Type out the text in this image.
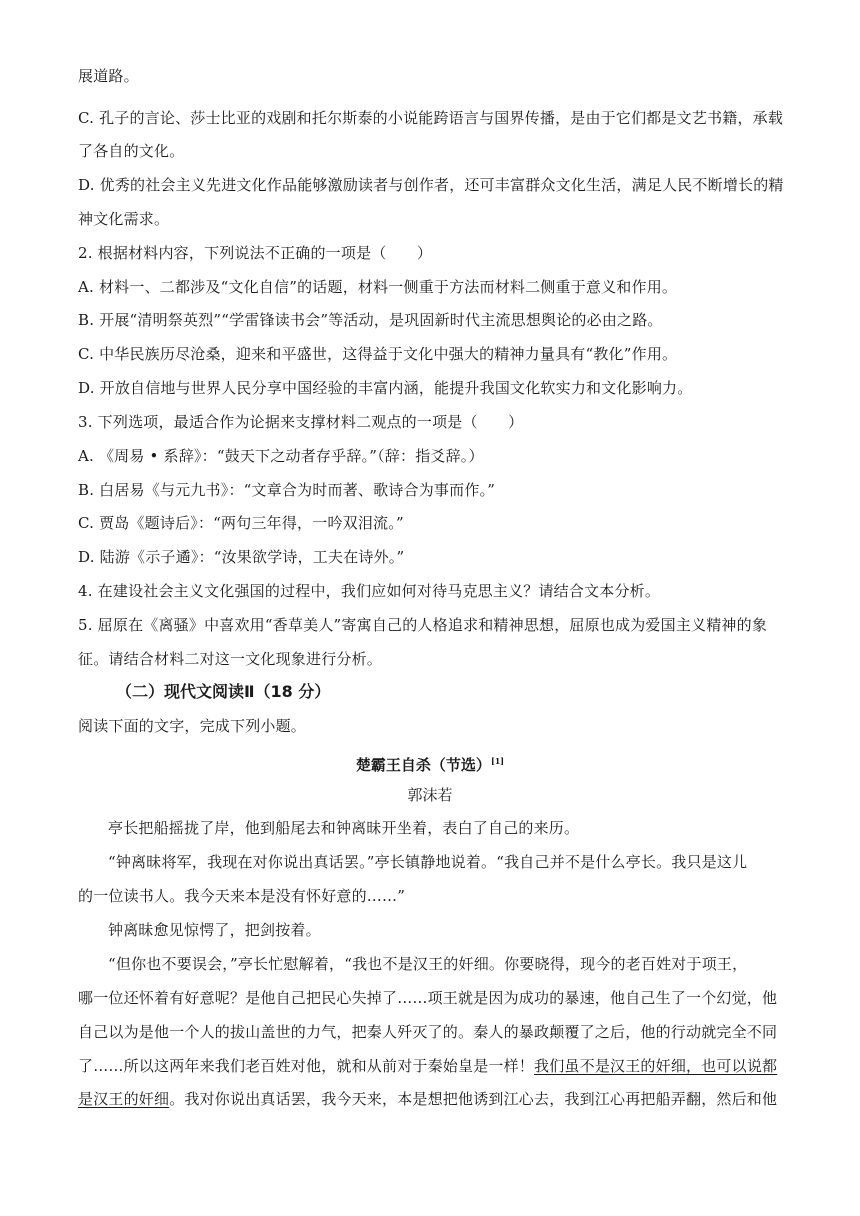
展道路。
C. 孔子的言论、莎士比亚的戏剧和托尔斯泰的小说能跨语言与国界传播，是由于它们都是文艺书籍，承载
了各自的文化。
D. 优秀的社会主义先进文化作品能够激励读者与创作者，还可丰富群众文化生活，满足人民不断增长的精
神文化需求。
2. 根据材料内容，下列说法不正确的一项是（　　）
A. 材料一、二都涉及“文化自信”的话题，材料一侧重于方法而材料二侧重于意义和作用。
B. 开展“清明祭英烈”“学雷锋读书会”等活动，是巩固新时代主流思想舆论的必由之路。
C. 中华民族历尽沧桑，迎来和平盛世，这得益于文化中强大的精神力量具有“教化”作用。
D. 开放自信地与世界人民分享中国经验的丰富内涵，能提升我国文化软实力和文化影响力。
3. 下列选项，最适合作为论据来支撑材料二观点的一项是（　　）
A. 《周易 • 系辞》：“鼓天下之动者存乎辞。”（辞：指爻辞。）
B. 白居易《与元九书》：“文章合为时而著、歌诗合为事而作。”
C. 贾岛《题诗后》：“两句三年得，一吟双泪流。”
D. 陆游《示子遹》：“汝果欲学诗，工夫在诗外。”
4. 在建设社会主义文化强国的过程中，我们应如何对待马克思主义？请结合文本分析。
5. 屈原在《离骚》中喜欢用“香草美人”寄寓自己的人格追求和精神思想，屈原也成为爱国主义精神的象
征。请结合材料二对这一文化现象进行分析。
（二）现代文阅读Ⅱ（18 分）
阅读下面的文字，完成下列小题。
楚霸王自杀（节选）[1]
郭沫若
亭长把船摇拢了岸，他到船尾去和钟离昧开坐着，表白了自己的来历。
“钟离昧将军，我现在对你说出真话罢。”亭长镇静地说着。“我自己并不是什么亭长。我只是这儿
的一位读书人。我今天来本是没有怀好意的……”
钟离昧愈见惊愕了，把剑按着。
“但你也不要误会，”亭长忙慰解着，“我也不是汉王的奸细。你要晓得，现今的老百姓对于项王，
哪一位还怀着有好意呢？是他自己把民心失掉了……项王就是因为成功的暴速，他自己生了一个幻觉，他
自己以为是他一个人的拔山盖世的力气，把秦人歼灭了的。秦人的暴政颠覆了之后，他的行动就完全不同
了……所以这两年来我们老百姓对他，就和从前对于秦始皇是一样！我们虽不是汉王的奸细，也可以说都
是汉王的奸细。我对你说出真话罢，我今天来，本是想把他诱到江心去，我到江心再把船弄翻，然后和他
